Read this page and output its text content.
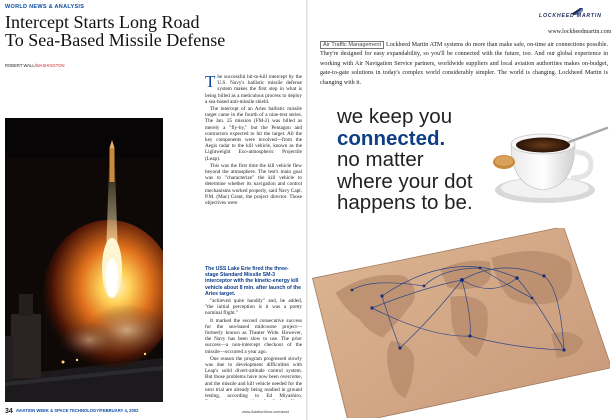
WORLD NEWS & ANALYSIS
Intercept Starts Long Road
To Sea-Based Missile Defense
ROBERT WALL/WASHINGTON

The successful hit-to-kill intercept by the U.S. Navy's ballistic missile defense system makes the first step in what is being billed as a meticulous process to deploy a sea-based anti-missile shield.

The intercept of an Aries ballistic missile target came in the fourth of a nine-test series. The Jan. 25 mission (FM-2) was billed as merely a "fly-by," but the Pentagon and contractors expected to hit the target. All the key components were involved—from the Aegis radar to the kill vehicle, known as the Lightweight Exo-atmospheric Projectile (Leap).

This was the first time the kill vehicle flew beyond the atmosphere. The test's main goal was to "characterize" the kill vehicle to determine whether its navigation and control mechanisms worked properly, said Navy Capt. P.M. (Mac) Grant, the project director. Those objectives were

The USS Lake Erie fired the three-stage Standard Missile SM-3 interceptor with the kinetic-energy kill vehicle about 8 min. after launch of the Aries target.

"achieved quite handily" and, he added, "the initial perception is it was a pretty nominal flight."

It marked the second consecutive success for the sea-based midcourse project—formerly known as Theater Wide. However, the Navy has been slow to use. The prior success—a non-intercept checkout of the missile—occurred a year ago.

One reason the program progressed slowly was due to development difficulties with Leap's solid divert-attitude control system. But those problems have now been overcome, and the missile and kill vehicle needed for the next trial are already being readied in ground testing, according to Ed Miyashiro,

34 AVIATION WEEK & SPACE TECHNOLOGY/FEBRUARY 4, 2002	www.AviationNow.com/awst
LOCKHEED MARTIN
www.lockheedmartin.com
Air Traffic Management Lockheed Martin ATM systems do more than make safe, on-time air connections possible. They're designed for easy expandability, so you'll be connected with the future, too. And our global experience in working with Air Navigation Service partners, worldwide suppliers and local aviation authorities makes on-budget, gate-to-gate solutions in today's complex world considerably simpler. The world is changing. Lockheed Martin is changing with it.
we keep you
connected.
no matter
where your dot
happens to be.
